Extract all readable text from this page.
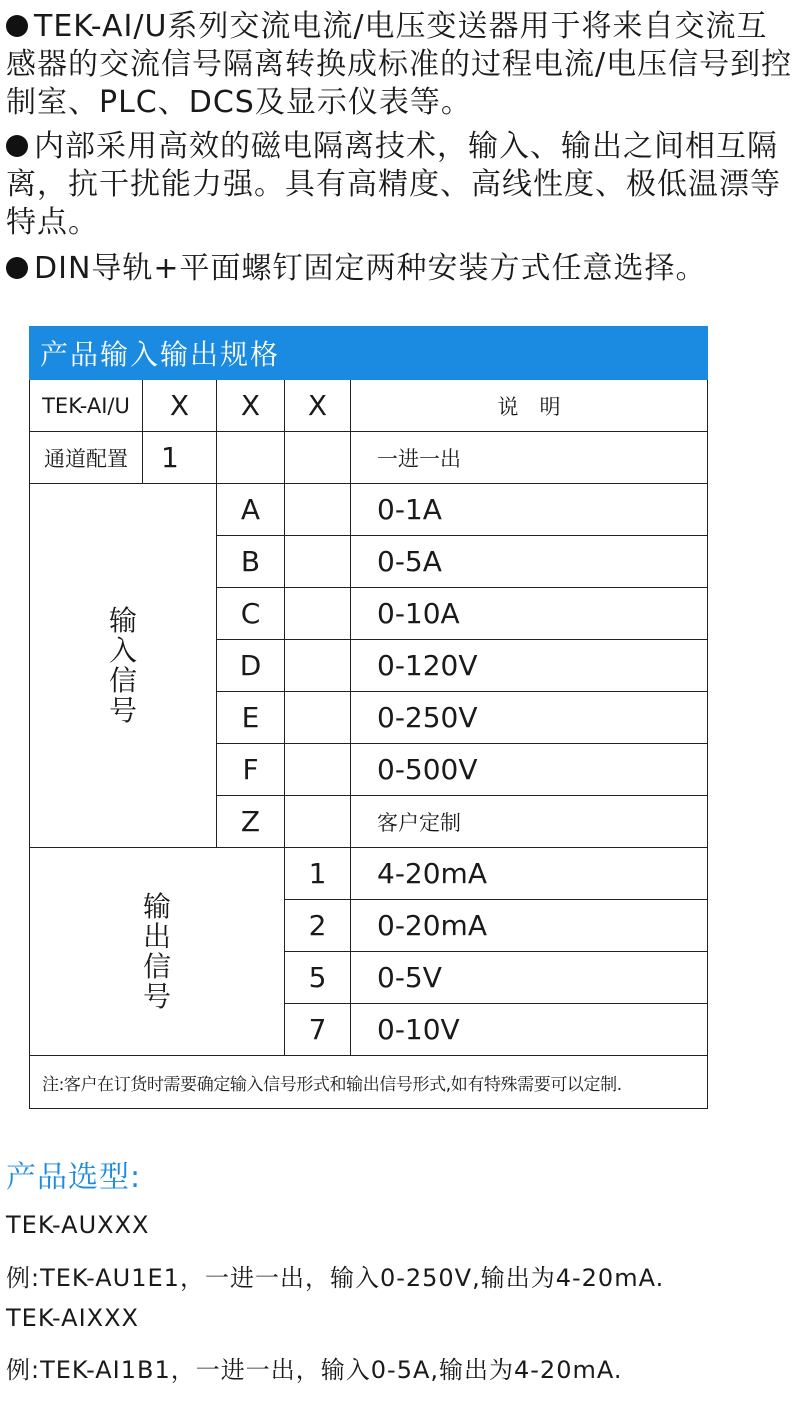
TEK-AI/U系列交流电流/电压变送器用于将来自交流互感器的交流信号隔离转换成标准的过程电流/电压信号到控制室、PLC、DCS及显示仪表等。
内部采用高效的磁电隔离技术，输入、输出之间相互隔离，抗干扰能力强。具有高精度、高线性度、极低温漂等特点。
DIN导轨+平面螺钉固定两种安装方式任意选择。
产品输入输出规格				
TEK-AI/U	X	X	X	说　明
通道配置	1			一进一出

输
入
信
号		A		0-1A
		B		0-5A
		C		0-10A
		D		0-120V
		E		0-250V
		F		0-500V
		Z		客户定制

输
出
信
号			1	4-20mA
			2	0-20mA
			5	0-5V
			7	0-10V
注:客户在订货时需要确定输入信号形式和输出信号形式,如有特殊需要可以定制.				
产品选型:
TEK-AUXXX
例:TEK-AU1E1，一进一出，输入0-250V,输出为4-20mA.
TEK-AIXXX
例:TEK-AI1B1，一进一出，输入0-5A,输出为4-20mA.
